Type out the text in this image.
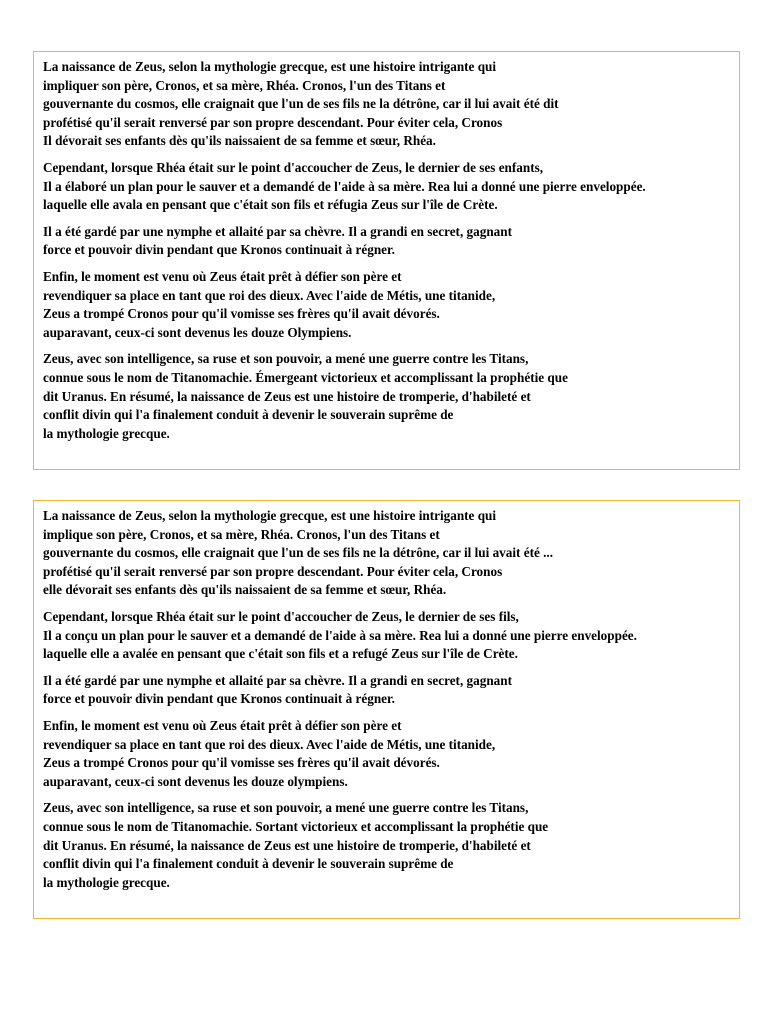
La naissance de Zeus, selon la mythologie grecque, est une histoire intrigante qui
impliquer son père, Cronos, et sa mère, Rhéa. Cronos, l'un des Titans et
gouvernante du cosmos, elle craignait que l'un de ses fils ne la détrône, car il lui avait été dit
profétisé qu'il serait renversé par son propre descendant. Pour éviter cela, Cronos
Il dévorait ses enfants dès qu'ils naissaient de sa femme et sœur, Rhéa.

Cependant, lorsque Rhéa était sur le point d'accoucher de Zeus, le dernier de ses enfants,
Il a élaboré un plan pour le sauver et a demandé de l'aide à sa mère. Rea lui a donné une pierre enveloppée.
laquelle elle avala en pensant que c'était son fils et réfugia Zeus sur l'île de Crète.

Il a été gardé par une nymphe et allaité par sa chèvre. Il a grandi en secret, gagnant
force et pouvoir divin pendant que Kronos continuait à régner.

Enfin, le moment est venu où Zeus était prêt à défier son père et
revendiquer sa place en tant que roi des dieux. Avec l'aide de Métis, une titanide,
Zeus a trompé Cronos pour qu'il vomisse ses frères qu'il avait dévorés.
auparavant, ceux-ci sont devenus les douze Olympiens.

Zeus, avec son intelligence, sa ruse et son pouvoir, a mené une guerre contre les Titans,
connue sous le nom de Titanomachie. Émergeant victorieux et accomplissant la prophétie que
dit Uranus. En résumé, la naissance de Zeus est une histoire de tromperie, d'habileté et
conflit divin qui l'a finalement conduit à devenir le souverain suprême de
la mythologie grecque.

La naissance de Zeus, selon la mythologie grecque, est une histoire intrigante qui
implique son père, Cronos, et sa mère, Rhéa. Cronos, l'un des Titans et
gouvernante du cosmos, elle craignait que l'un de ses fils ne la détrône, car il lui avait été ...
profétisé qu'il serait renversé par son propre descendant. Pour éviter cela, Cronos
elle dévorait ses enfants dès qu'ils naissaient de sa femme et sœur, Rhéa.

Cependant, lorsque Rhéa était sur le point d'accoucher de Zeus, le dernier de ses fils,
Il a conçu un plan pour le sauver et a demandé de l'aide à sa mère. Rea lui a donné une pierre enveloppée.
laquelle elle a avalée en pensant que c'était son fils et a refugé Zeus sur l'île de Crète.

Il a été gardé par une nymphe et allaité par sa chèvre. Il a grandi en secret, gagnant
force et pouvoir divin pendant que Kronos continuait à régner.

Enfin, le moment est venu où Zeus était prêt à défier son père et
revendiquer sa place en tant que roi des dieux. Avec l'aide de Métis, une titanide,
Zeus a trompé Cronos pour qu'il vomisse ses frères qu'il avait dévorés.
auparavant, ceux-ci sont devenus les douze olympiens.

Zeus, avec son intelligence, sa ruse et son pouvoir, a mené une guerre contre les Titans,
connue sous le nom de Titanomachie. Sortant victorieux et accomplissant la prophétie que
dit Uranus. En résumé, la naissance de Zeus est une histoire de tromperie, d'habileté et
conflit divin qui l'a finalement conduit à devenir le souverain suprême de
la mythologie grecque.
